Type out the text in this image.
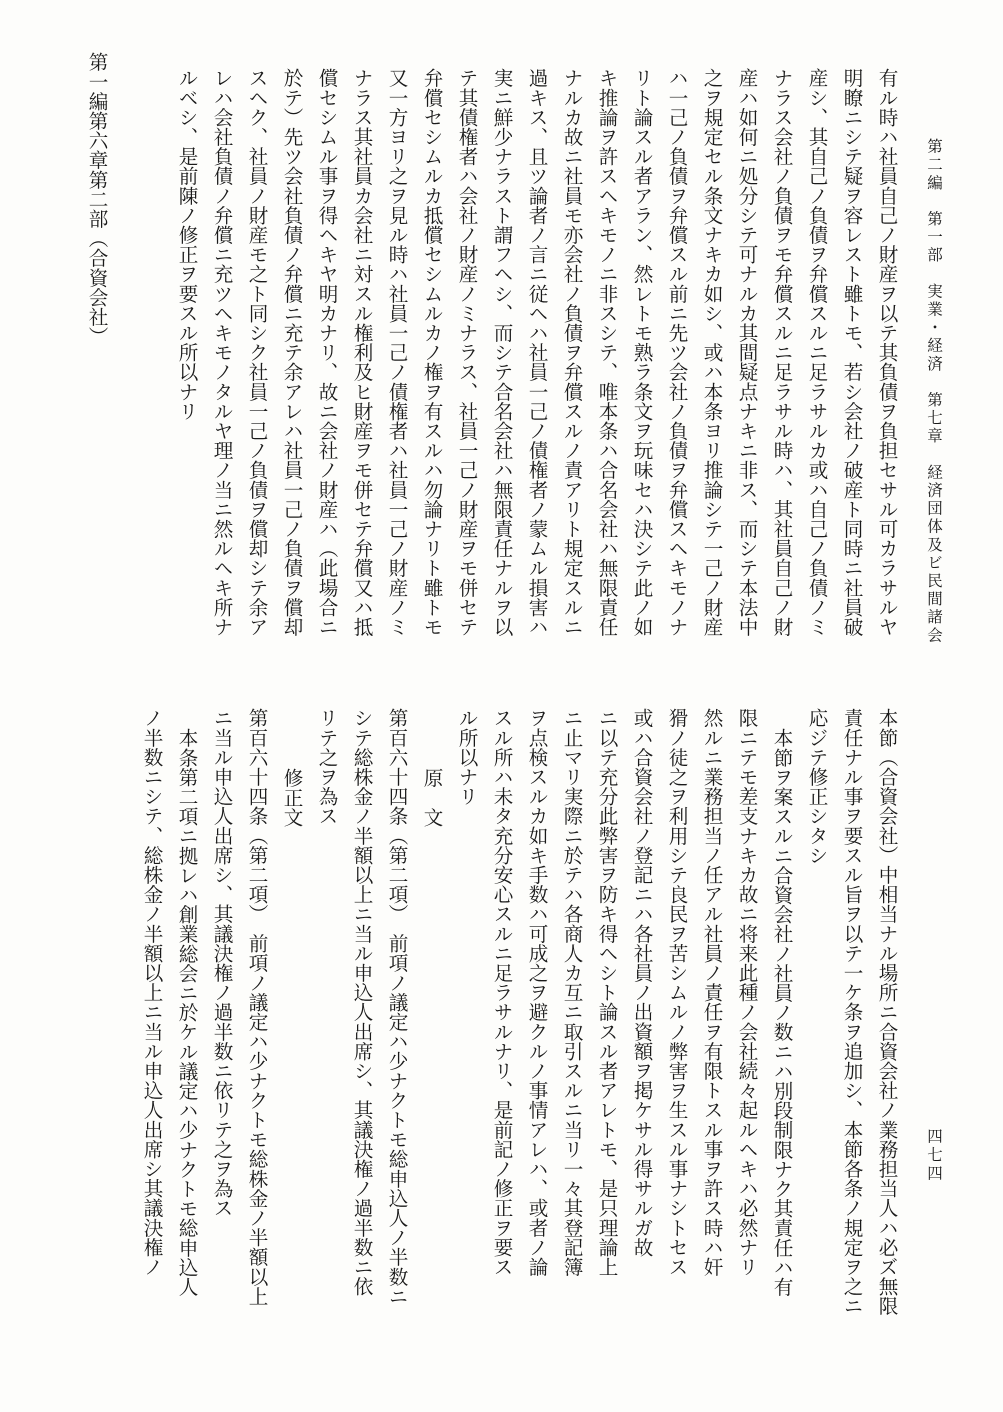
第二編　第一部　実業・経済　第七章　経済団体及ビ民間諸会
四七四
有ル時ハ社員自己ノ財産ヲ以テ其負債ヲ負担セサル可カラサルヤ
明瞭ニシテ疑ヲ容レスト雖トモ、若シ会社ノ破産ト同時ニ社員破
産シ、其自己ノ負債ヲ弁償スルニ足ラサルカ或ハ自己ノ負債ノミ
ナラス会社ノ負債ヲモ弁償スルニ足ラサル時ハ、其社員自己ノ財
産ハ如何ニ処分シテ可ナルカ其間疑点ナキニ非ス、而シテ本法中
之ヲ規定セル条文ナキカ如シ、或ハ本条ヨリ推論シテ一己ノ財産
ハ一己ノ負債ヲ弁償スル前ニ先ツ会社ノ負債ヲ弁償スヘキモノナ
リト論スル者アラン、然レトモ熟ラ条文ヲ玩味セハ決シテ此ノ如
キ推論ヲ許スヘキモノニ非スシテ、唯本条ハ合名会社ハ無限責任
ナルカ故ニ社員モ亦会社ノ負債ヲ弁償スルノ責アリト規定スルニ
過キス、且ツ論者ノ言ニ従ヘハ社員一己ノ債権者ノ蒙ムル損害ハ
実ニ鮮少ナラスト謂フヘシ、而シテ合名会社ハ無限責任ナルヲ以
テ其債権者ハ会社ノ財産ノミナラス、社員一己ノ財産ヲモ併セテ
弁償セシムルカ抵償セシムルカノ権ヲ有スルハ勿論ナリト雖トモ
又一方ヨリ之ヲ見ル時ハ社員一己ノ債権者ハ社員一己ノ財産ノミ
ナラス其社員カ会社ニ対スル権利及ヒ財産ヲモ併セテ弁償又ハ抵
償セシムル事ヲ得ヘキヤ明カナリ、故ニ会社ノ財産ハ（此場合ニ
於テ）先ツ会社負債ノ弁償ニ充テ余アレハ社員一己ノ負債ヲ償却
スヘク、社員ノ財産モ之ト同シク社員一己ノ負債ヲ償却シテ余ア
レハ会社負債ノ弁償ニ充ツヘキモノタルヤ理ノ当ニ然ルヘキ所ナ
ルベシ、是前陳ノ修正ヲ要スル所以ナリ
第一編第六章第二部（合資会社）
本節（合資会社）中相当ナル場所ニ合資会社ノ業務担当人ハ必ズ無限
責任ナル事ヲ要スル旨ヲ以テ一ケ条ヲ追加シ、本節各条ノ規定ヲ之ニ
応ジテ修正シタシ
本節ヲ案スルニ合資会社ノ社員ノ数ニハ別段制限ナク其責任ハ有
限ニテモ差支ナキカ故ニ将来此種ノ会社続々起ルヘキハ必然ナリ
然ルニ業務担当ノ任アル社員ノ責任ヲ有限トスル事ヲ許ス時ハ奸
猾ノ徒之ヲ利用シテ良民ヲ苦シムルノ弊害ヲ生スル事ナシトセス
或ハ合資会社ノ登記ニハ各社員ノ出資額ヲ掲ケサル得サルガ故
ニ以テ充分此弊害ヲ防キ得ヘシト論スル者アレトモ、是只理論上
ニ止マリ実際ニ於テハ各商人カ互ニ取引スルニ当リ一々其登記簿
ヲ点検スルカ如キ手数ハ可成之ヲ避クルノ事情アレハ、或者ノ論
スル所ハ未タ充分安心スルニ足ラサルナリ、是前記ノ修正ヲ要ス
ル所以ナリ
原　文
第百六十四条（第二項）　前項ノ議定ハ少ナクトモ総申込人ノ半数ニ
シテ総株金ノ半額以上ニ当ル申込人出席シ、其議決権ノ過半数ニ依
リテ之ヲ為ス
修正文
第百六十四条（第二項）　前項ノ議定ハ少ナクトモ総株金ノ半額以上
ニ当ル申込人出席シ、其議決権ノ過半数ニ依リテ之ヲ為ス
本条第二項ニ拠レハ創業総会ニ於ケル議定ハ少ナクトモ総申込人
ノ半数ニシテ、総株金ノ半額以上ニ当ル申込人出席シ其議決権ノ
